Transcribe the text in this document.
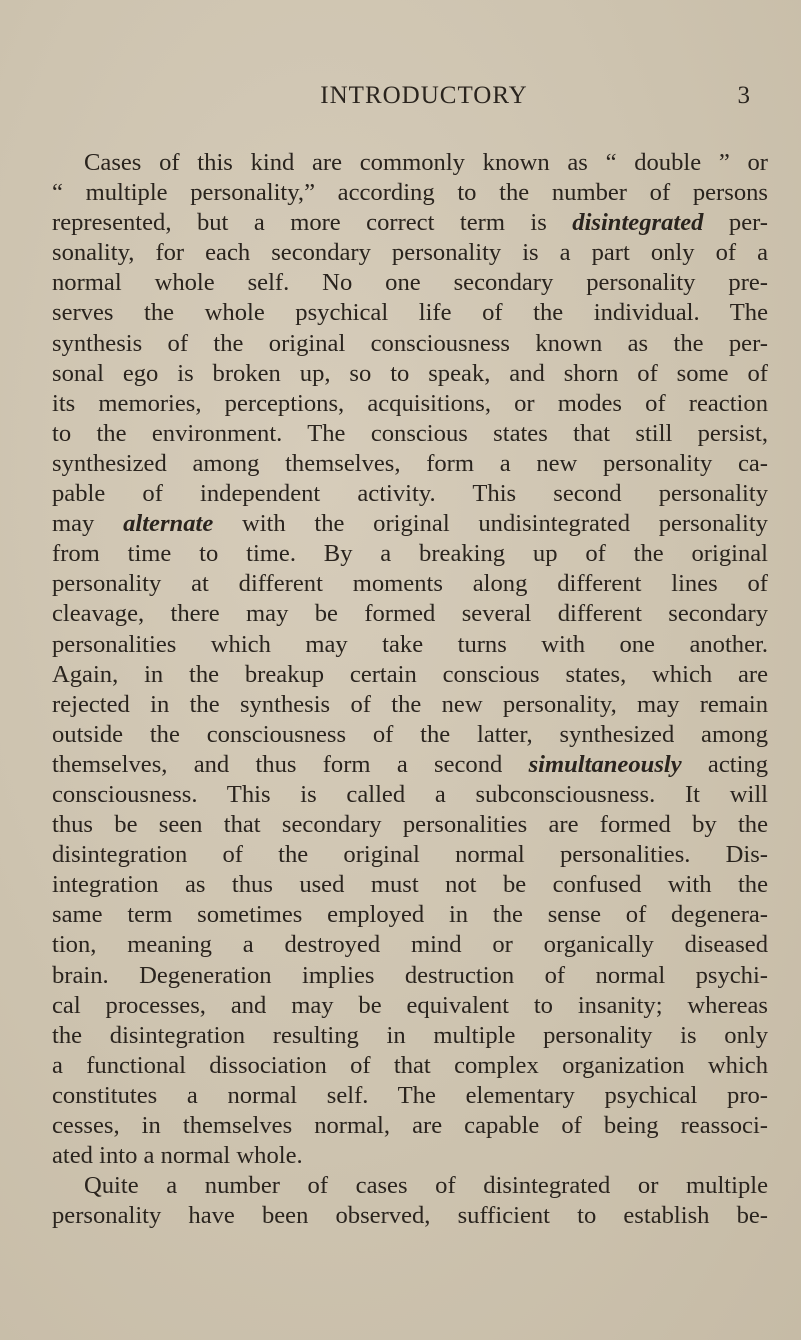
INTRODUCTORY	3
Cases of this kind are commonly known as “ double ” or
“ multiple personality,” according to the number of persons
represented, but a more correct term is disintegrated per-
sonality, for each secondary personality is a part only of a
normal whole self. No one secondary personality pre-
serves the whole psychical life of the individual. The
synthesis of the original consciousness known as the per-
sonal ego is broken up, so to speak, and shorn of some of
its memories, perceptions, acquisitions, or modes of reaction
to the environment. The conscious states that still persist,
synthesized among themselves, form a new personality ca-
pable of independent activity. This second personality
may alternate with the original undisintegrated personality
from time to time. By a breaking up of the original
personality at different moments along different lines of
cleavage, there may be formed several different secondary
personalities which may take turns with one another.
Again, in the breakup certain conscious states, which are
rejected in the synthesis of the new personality, may remain
outside the consciousness of the latter, synthesized among
themselves, and thus form a second simultaneously acting
consciousness. This is called a subconsciousness. It will
thus be seen that secondary personalities are formed by the
disintegration of the original normal personalities. Dis-
integration as thus used must not be confused with the
same term sometimes employed in the sense of degenera-
tion, meaning a destroyed mind or organically diseased
brain. Degeneration implies destruction of normal psychi-
cal processes, and may be equivalent to insanity; whereas
the disintegration resulting in multiple personality is only
a functional dissociation of that complex organization which
constitutes a normal self. The elementary psychical pro-
cesses, in themselves normal, are capable of being reassoci-
ated into a normal whole.
Quite a number of cases of disintegrated or multiple
personality have been observed, sufficient to establish be-
